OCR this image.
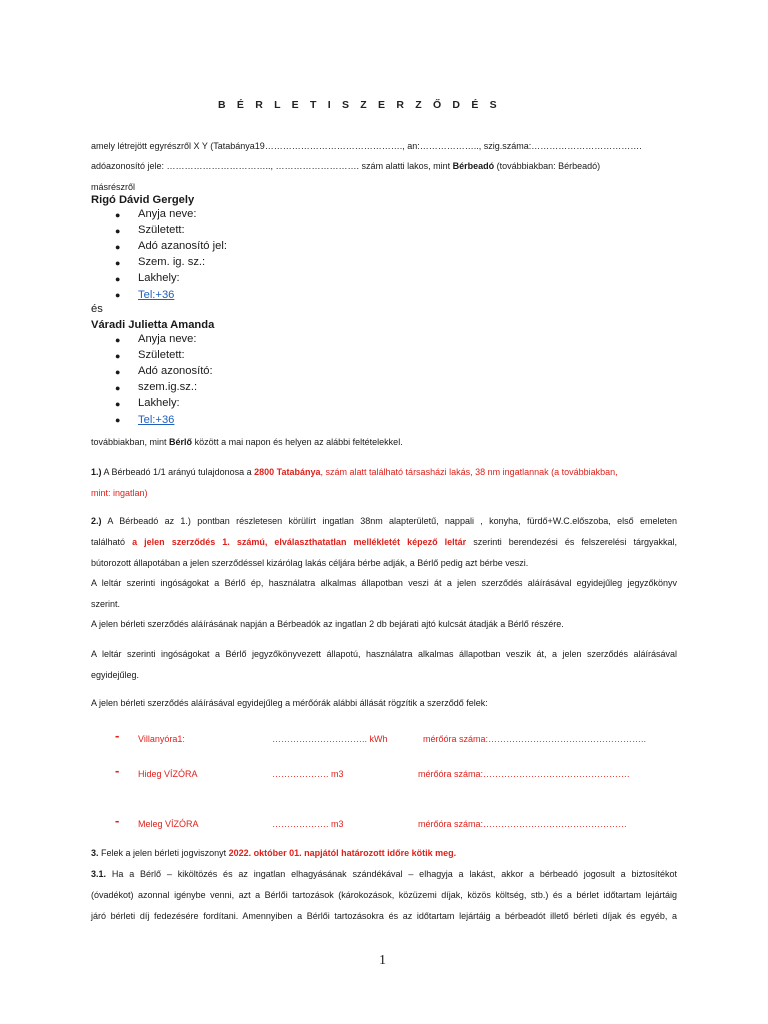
B É R L E T I S Z E R Z Ő D É S
amely létrejött egyrészről X Y (Tatabánya19………………………………………., an:……………….., szig.száma:……………………………….
adóazonosító jele: …………………………….., ………………………. szám alatti lakos, mint Bérbeadó (továbbiakban: Bérbeadó)
másrészről
Rigó Dávid Gergely
● Anyja neve:
● Született:
● Adó azanosító jel:
● Szem. ig. sz.:
● Lakhely:
● Tel:+36
és
Váradi Julietta Amanda
● Anyja neve:
● Született:
● Adó azonosító:
● szem.ig.sz.:
● Lakhely:
● Tel:+36
továbbiakban, mint Bérlő között a mai napon és helyen az alábbi feltételekkel.
1.) A Bérbeadó 1/1 arányú tulajdonosa a 2800 Tatabánya, szám alatt található társasházi lakás, 38 nm ingatlannak (a továbbiakban,
mint: ingatlan)
2.) A Bérbeadó az 1.) pontban részletesen körülírt ingatlan 38nm alapterületű, nappali , konyha, fürdő+W.C.előszoba, első emeleten
található a jelen szerződés 1. számú, elválaszthatatlan mellékletét képező leltár szerinti berendezési és felszerelési tárgyakkal,
bútorozott állapotában a jelen szerződéssel kizárólag lakás céljára bérbe adják, a Bérlő pedig azt bérbe veszi.
A leltár szerinti ingóságokat a Bérlő ép, használatra alkalmas állapotban veszi át a jelen szerződés aláírásával egyidejűleg jegyzőkönyv
szerint.
A jelen bérleti szerződés aláírásának napján a Bérbeadók az ingatlan 2 db bejárati ajtó kulcsát átadják a Bérlő részére.
A leltár szerinti ingóságokat a Bérlő jegyzőkönyvezett állapotú, használatra alkalmas állapotban veszik át, a jelen szerződés aláírásával
egyidejűleg.
A jelen bérleti szerződés aláírásával egyidejűleg a mérőórák alábbi állását rögzítik a szerződő felek:
- Villanyóra1:	………………………….. kWh	mérőóra száma:……………………………………………..
- Hideg VÍZÓRA	………………. m3	mérőóra száma:………………………………………….
- Meleg VÍZÓRA	………………. m3	mérőóra száma:…………………………………………
3. Felek a jelen bérleti jogviszonyt 2022. október 01. napjától határozott időre kötik meg.
3.1. Ha a Bérlő – kiköltözés és az ingatlan elhagyásának szándékával – elhagyja a lakást, akkor a bérbeadó jogosult a biztosítékot
(óvadékot) azonnal igénybe venni, azt a Bérlői tartozások (károkozások, közüzemi díjak, közös költség, stb.) és a bérlet időtartam lejártáig
járó bérleti díj fedezésére fordítani. Amennyiben a Bérlői tartozásokra és az időtartam lejártáig a bérbeadót illető bérleti díjak és egyéb, a
1
